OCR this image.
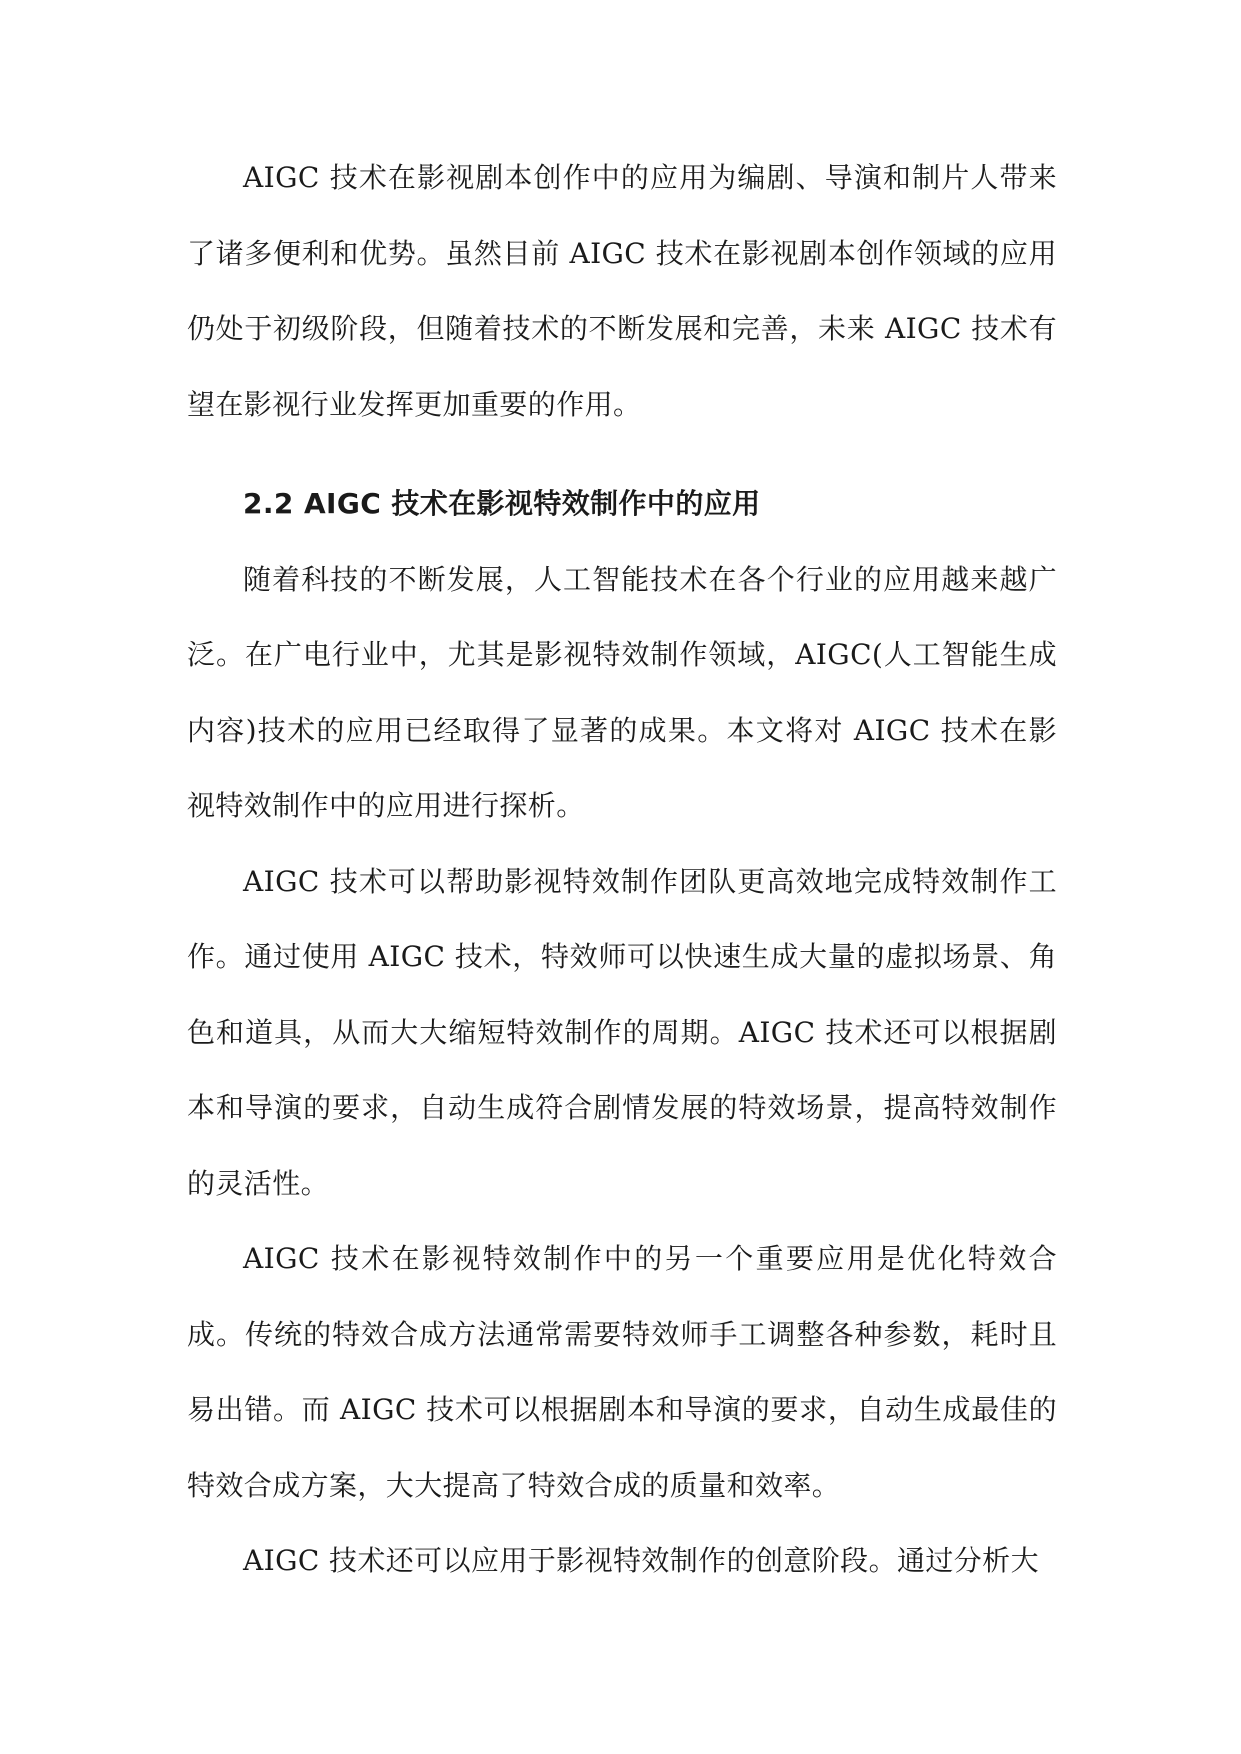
AIGC 技术在影视剧本创作中的应用为编剧、导演和制片人带来了诸多便利和优势。虽然目前 AIGC 技术在影视剧本创作领域的应用仍处于初级阶段，但随着技术的不断发展和完善，未来 AIGC 技术有望在影视行业发挥更加重要的作用。

2.2 AIGC 技术在影视特效制作中的应用

随着科技的不断发展，人工智能技术在各个行业的应用越来越广泛。在广电行业中，尤其是影视特效制作领域，AIGC(人工智能生成内容)技术的应用已经取得了显著的成果。本文将对 AIGC 技术在影视特效制作中的应用进行探析。

AIGC 技术可以帮助影视特效制作团队更高效地完成特效制作工作。通过使用 AIGC 技术，特效师可以快速生成大量的虚拟场景、角色和道具，从而大大缩短特效制作的周期。AIGC 技术还可以根据剧本和导演的要求，自动生成符合剧情发展的特效场景，提高特效制作的灵活性。

AIGC 技术在影视特效制作中的另一个重要应用是优化特效合成。传统的特效合成方法通常需要特效师手工调整各种参数，耗时且易出错。而 AIGC 技术可以根据剧本和导演的要求，自动生成最佳的特效合成方案，大大提高了特效合成的质量和效率。

AIGC 技术还可以应用于影视特效制作的创意阶段。通过分析大
